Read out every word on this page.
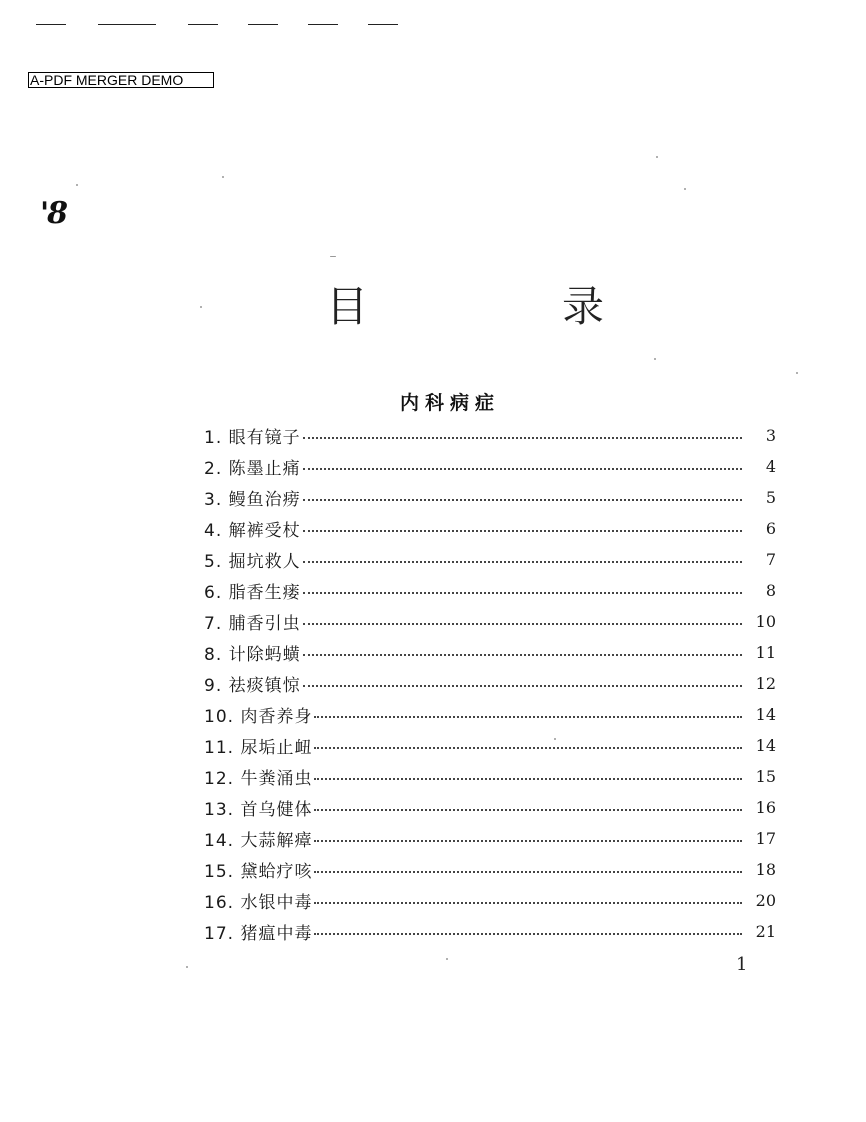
A-PDF MERGER DEMO
'8
目	录
内科病症
1. 眼有镜子	3
2. 陈墨止痛	4
3. 鳗鱼治痨	5
4. 解裤受杖	6
5. 掘坑救人	7
6. 脂香生瘘	8
7. 脯香引虫	10
8. 计除蚂蟥	11
9. 祛痰镇惊	12
10. 肉香养身	14
11. 尿垢止衄	14
12. 牛粪涌虫	15
13. 首乌健体	16
14. 大蒜解瘴	17
15. 黛蛤疗咳	18
16. 水银中毒	20
17. 猪瘟中毒	21
1
